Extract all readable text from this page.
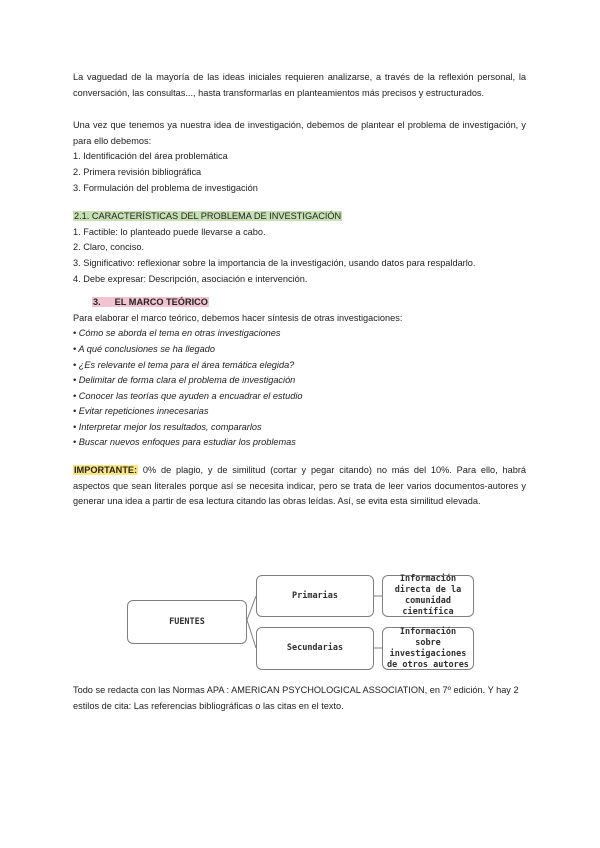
La vaguedad de la mayoría de las ideas iniciales requieren analizarse, a través de la reflexión personal, la conversación, las consultas..., hasta transformarlas en planteamientos más precisos y estructurados.

Una vez que tenemos ya nuestra idea de investigación, debemos de plantear el problema de investigación, y para ello debemos:

1. Identificación del área problemática
2. Primera revisión bibliográfica
3. Formulación del problema de investigación
2.1. CARACTERÍSTICAS DEL PROBLEMA DE INVESTIGACIÓN
1. Factible: lo planteado puede llevarse a cabo.
2. Claro, conciso.
3. Significativo: reflexionar sobre la importancia de la investigación, usando datos para respaldarlo.
4. Debe expresar: Descripción, asociación e intervención.
3. EL MARCO TEÓRICO
Para elaborar el marco teórico, debemos hacer síntesis de otras investigaciones:
• Cómo se aborda el tema en otras investigaciones
• A qué conclusiones se ha llegado
• ¿Es relevante el tema para el área temática elegida?
• Delimitar de forma clara el problema de investigación
• Conocer las teorías que ayuden a encuadrar el estudio
• Evitar repeticiones innecesarias
• Interpretar mejor los resultados, compararlos
• Buscar nuevos enfoques para estudiar los problemas

IMPORTANTE: 0% de plagio, y de similitud (cortar y pegar citando) no más del 10%. Para ello, habrá aspectos que sean literales porque así se necesita indicar, pero se trata de leer varios documentos-autores y generar una idea a partir de esa lectura citando las obras leídas. Así, se evita esta similitud elevada.

FUENTES
Primarias
Secundarias
Información directa de la comunidad científica
Información sobre investigaciones de otros autores

Todo se redacta con las Normas APA : AMERICAN PSYCHOLOGICAL ASSOCIATION, en 7º edición. Y hay 2 estilos de cita: Las referencias bibliográficas o las citas en el texto.
